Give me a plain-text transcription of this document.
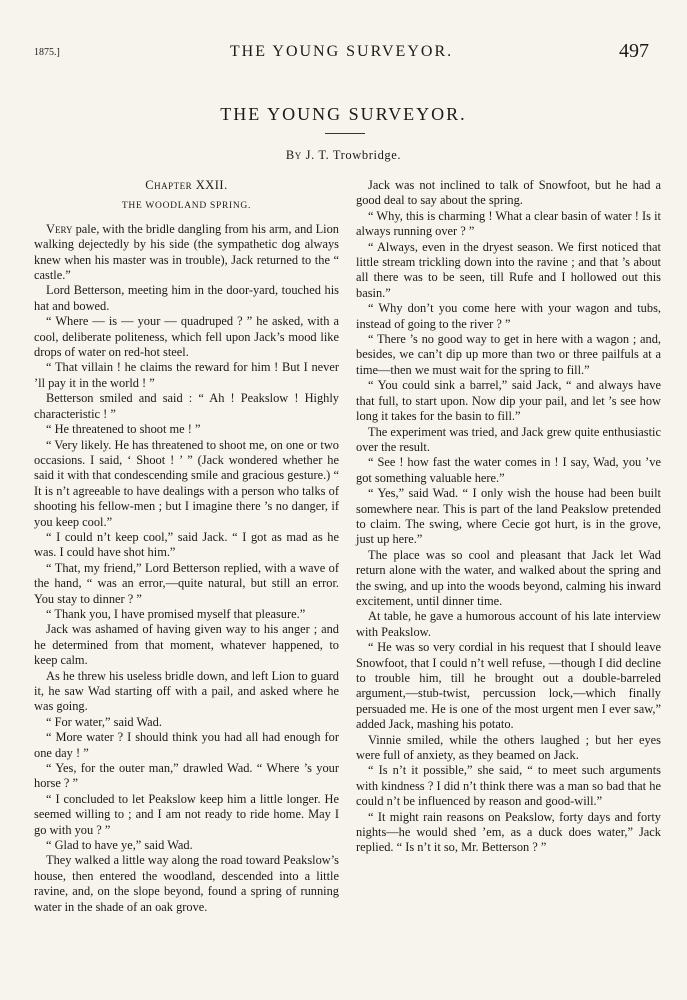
1875.]	THE YOUNG SURVEYOR.	497
THE YOUNG SURVEYOR.
By J. T. Trowbridge.
Chapter XXII.
THE WOODLAND SPRING.

Very pale, with the bridle dangling from his arm, and Lion walking dejectedly by his side (the sympathetic dog always knew when his master was in trouble), Jack returned to the “ castle.”

Lord Betterson, meeting him in the door-yard, touched his hat and bowed.

“ Where — is — your — quadruped ? ” he asked, with a cool, deliberate politeness, which fell upon Jack’s mood like drops of water on red-hot steel.

“ That villain ! he claims the reward for him ! But I never ’ll pay it in the world ! ”

Betterson smiled and said : “ Ah ! Peakslow ! Highly characteristic ! ”

“ He threatened to shoot me ! ”

“ Very likely. He has threatened to shoot me, on one or two occasions. I said, ‘ Shoot ! ’ ” (Jack wondered whether he said it with that condescending smile and gracious gesture.) “ It is n’t agreeable to have dealings with a person who talks of shooting his fellow-men ; but I imagine there ’s no danger, if you keep cool.”

“ I could n’t keep cool,” said Jack. “ I got as mad as he was. I could have shot him.”

“ That, my friend,” Lord Betterson replied, with a wave of the hand, “ was an error,—quite natural, but still an error. You stay to dinner ? ”

“ Thank you, I have promised myself that pleasure.”

Jack was ashamed of having given way to his anger ; and he determined from that moment, whatever happened, to keep calm.

As he threw his useless bridle down, and left Lion to guard it, he saw Wad starting off with a pail, and asked where he was going.

“ For water,” said Wad.

“ More water ? I should think you had all had enough for one day ! ”

“ Yes, for the outer man,” drawled Wad. “ Where ’s your horse ? ”

“ I concluded to let Peakslow keep him a little longer. He seemed willing to ; and I am not ready to ride home. May I go with you ? ”

“ Glad to have ye,” said Wad.

They walked a little way along the road toward Peakslow’s house, then entered the woodland, descended into a little ravine, and, on the slope beyond, found a spring of running water in the shade of an oak grove.

Jack was not inclined to talk of Snowfoot, but he had a good deal to say about the spring.

“ Why, this is charming ! What a clear basin of water ! Is it always running over ? ”

“ Always, even in the dryest season. We first noticed that little stream trickling down into the ravine ; and that ’s about all there was to be seen, till Rufe and I hollowed out this basin.”

“ Why don’t you come here with your wagon and tubs, instead of going to the river ? ”

“ There ’s no good way to get in here with a wagon ; and, besides, we can’t dip up more than two or three pailfuls at a time—then we must wait for the spring to fill.”

“ You could sink a barrel,” said Jack, “ and always have that full, to start upon. Now dip your pail, and let ’s see how long it takes for the basin to fill.”

The experiment was tried, and Jack grew quite enthusiastic over the result.

“ See ! how fast the water comes in ! I say, Wad, you ’ve got something valuable here.”

“ Yes,” said Wad. “ I only wish the house had been built somewhere near. This is part of the land Peakslow pretended to claim. The swing, where Cecie got hurt, is in the grove, just up here.”

The place was so cool and pleasant that Jack let Wad return alone with the water, and walked about the spring and the swing, and up into the woods beyond, calming his inward excitement, until dinner time.

At table, he gave a humorous account of his late interview with Peakslow.

“ He was so very cordial in his request that I should leave Snowfoot, that I could n’t well refuse, —though I did decline to trouble him, till he brought out a double-barreled argument,—stub-twist, percussion lock,—which finally persuaded me. He is one of the most urgent men I ever saw,” added Jack, mashing his potato.

Vinnie smiled, while the others laughed ; but her eyes were full of anxiety, as they beamed on Jack.

“ Is n’t it possible,” she said, “ to meet such arguments with kindness ? I did n’t think there was a man so bad that he could n’t be influenced by reason and good-will.”

“ It might rain reasons on Peakslow, forty days and forty nights—he would shed ’em, as a duck does water,” Jack replied. “ Is n’t it so, Mr. Betterson ? ”
